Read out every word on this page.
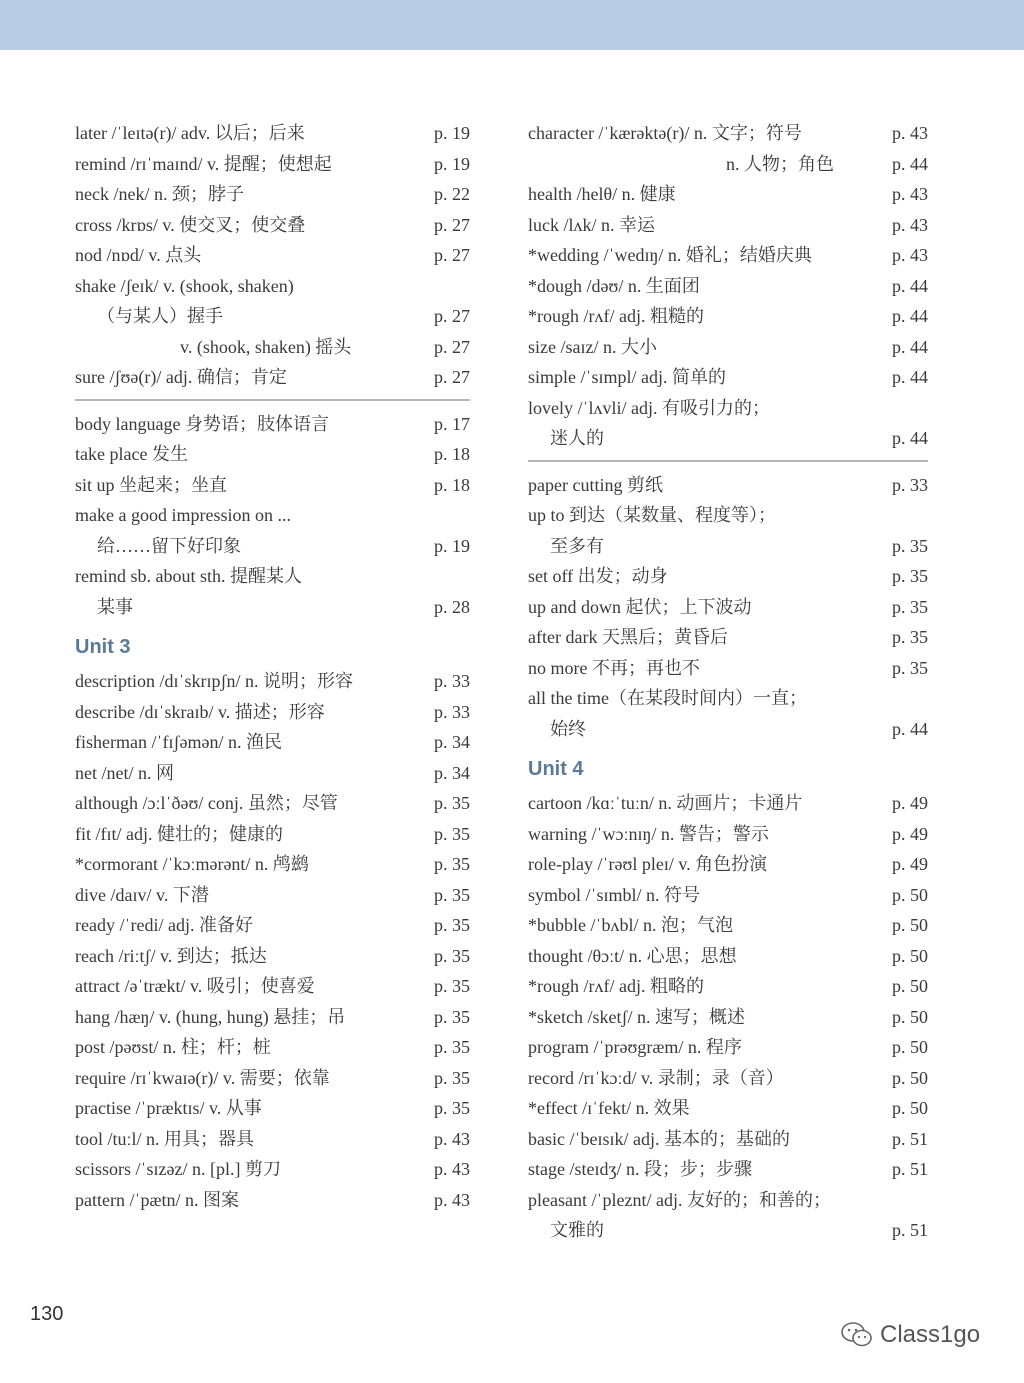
later /ˈleɪtə(r)/ adv. 以后；后来	p. 19
remind /rɪˈmaɪnd/ v. 提醒；使想起	p. 19
neck /nek/ n. 颈；脖子	p. 22
cross /krɒs/ v. 使交叉；使交叠	p. 27
nod /nɒd/ v. 点头	p. 27
shake /ʃeɪk/ v. (shook, shaken)
（与某人）握手	p. 27
v. (shook, shaken) 摇头	p. 27
sure /ʃʊə(r)/ adj. 确信；肯定	p. 27
body language 身势语；肢体语言	p. 17
take place 发生	p. 18
sit up 坐起来；坐直	p. 18
make a good impression on ...
给……留下好印象	p. 19
remind sb. about sth. 提醒某人
某事	p. 28
Unit 3
description /dɪˈskrɪpʃn/ n. 说明；形容	p. 33
describe /dɪˈskraɪb/ v. 描述；形容	p. 33
fisherman /ˈfɪʃəmən/ n. 渔民	p. 34
net /net/ n. 网	p. 34
although /ɔːlˈðəʊ/ conj. 虽然；尽管	p. 35
fit /fɪt/ adj. 健壮的；健康的	p. 35
*cormorant /ˈkɔːmərənt/ n. 鸬鹚	p. 35
dive /daɪv/ v. 下潜	p. 35
ready /ˈredi/ adj. 准备好	p. 35
reach /riːtʃ/ v. 到达；抵达	p. 35
attract /əˈtrækt/ v. 吸引；使喜爱	p. 35
hang /hæŋ/ v. (hung, hung) 悬挂；吊	p. 35
post /pəʊst/ n. 柱；杆；桩	p. 35
require /rɪˈkwaɪə(r)/ v. 需要；依靠	p. 35
practise /ˈpræktɪs/ v. 从事	p. 35
tool /tuːl/ n. 用具；器具	p. 43
scissors /ˈsɪzəz/ n. [pl.] 剪刀	p. 43
pattern /ˈpætn/ n. 图案	p. 43
character /ˈkærəktə(r)/ n. 文字；符号	p. 43
n. 人物；角色	p. 44
health /helθ/ n. 健康	p. 43
luck /lʌk/ n. 幸运	p. 43
*wedding /ˈwedɪŋ/ n. 婚礼；结婚庆典	p. 43
*dough /dəʊ/ n. 生面团	p. 44
*rough /rʌf/ adj. 粗糙的	p. 44
size /saɪz/ n. 大小	p. 44
simple /ˈsɪmpl/ adj. 简单的	p. 44
lovely /ˈlʌvli/ adj. 有吸引力的；
迷人的	p. 44
paper cutting 剪纸	p. 33
up to 到达（某数量、程度等）；
至多有	p. 35
set off 出发；动身	p. 35
up and down 起伏；上下波动	p. 35
after dark 天黑后；黄昏后	p. 35
no more 不再；再也不	p. 35
all the time（在某段时间内）一直；
始终	p. 44
Unit 4
cartoon /kɑːˈtuːn/ n. 动画片；卡通片	p. 49
warning /ˈwɔːnɪŋ/ n. 警告；警示	p. 49
role-play /ˈrəʊl pleɪ/ v. 角色扮演	p. 49
symbol /ˈsɪmbl/ n. 符号	p. 50
*bubble /ˈbʌbl/ n. 泡；气泡	p. 50
thought /θɔːt/ n. 心思；思想	p. 50
*rough /rʌf/ adj. 粗略的	p. 50
*sketch /sketʃ/ n. 速写；概述	p. 50
program /ˈprəʊgræm/ n. 程序	p. 50
record /rɪˈkɔːd/ v. 录制；录（音）	p. 50
*effect /ɪˈfekt/ n. 效果	p. 50
basic /ˈbeɪsɪk/ adj. 基本的；基础的	p. 51
stage /steɪdʒ/ n. 段；步；步骤	p. 51
pleasant /ˈpleznt/ adj. 友好的；和善的；
文雅的	p. 51
130
Class1go
